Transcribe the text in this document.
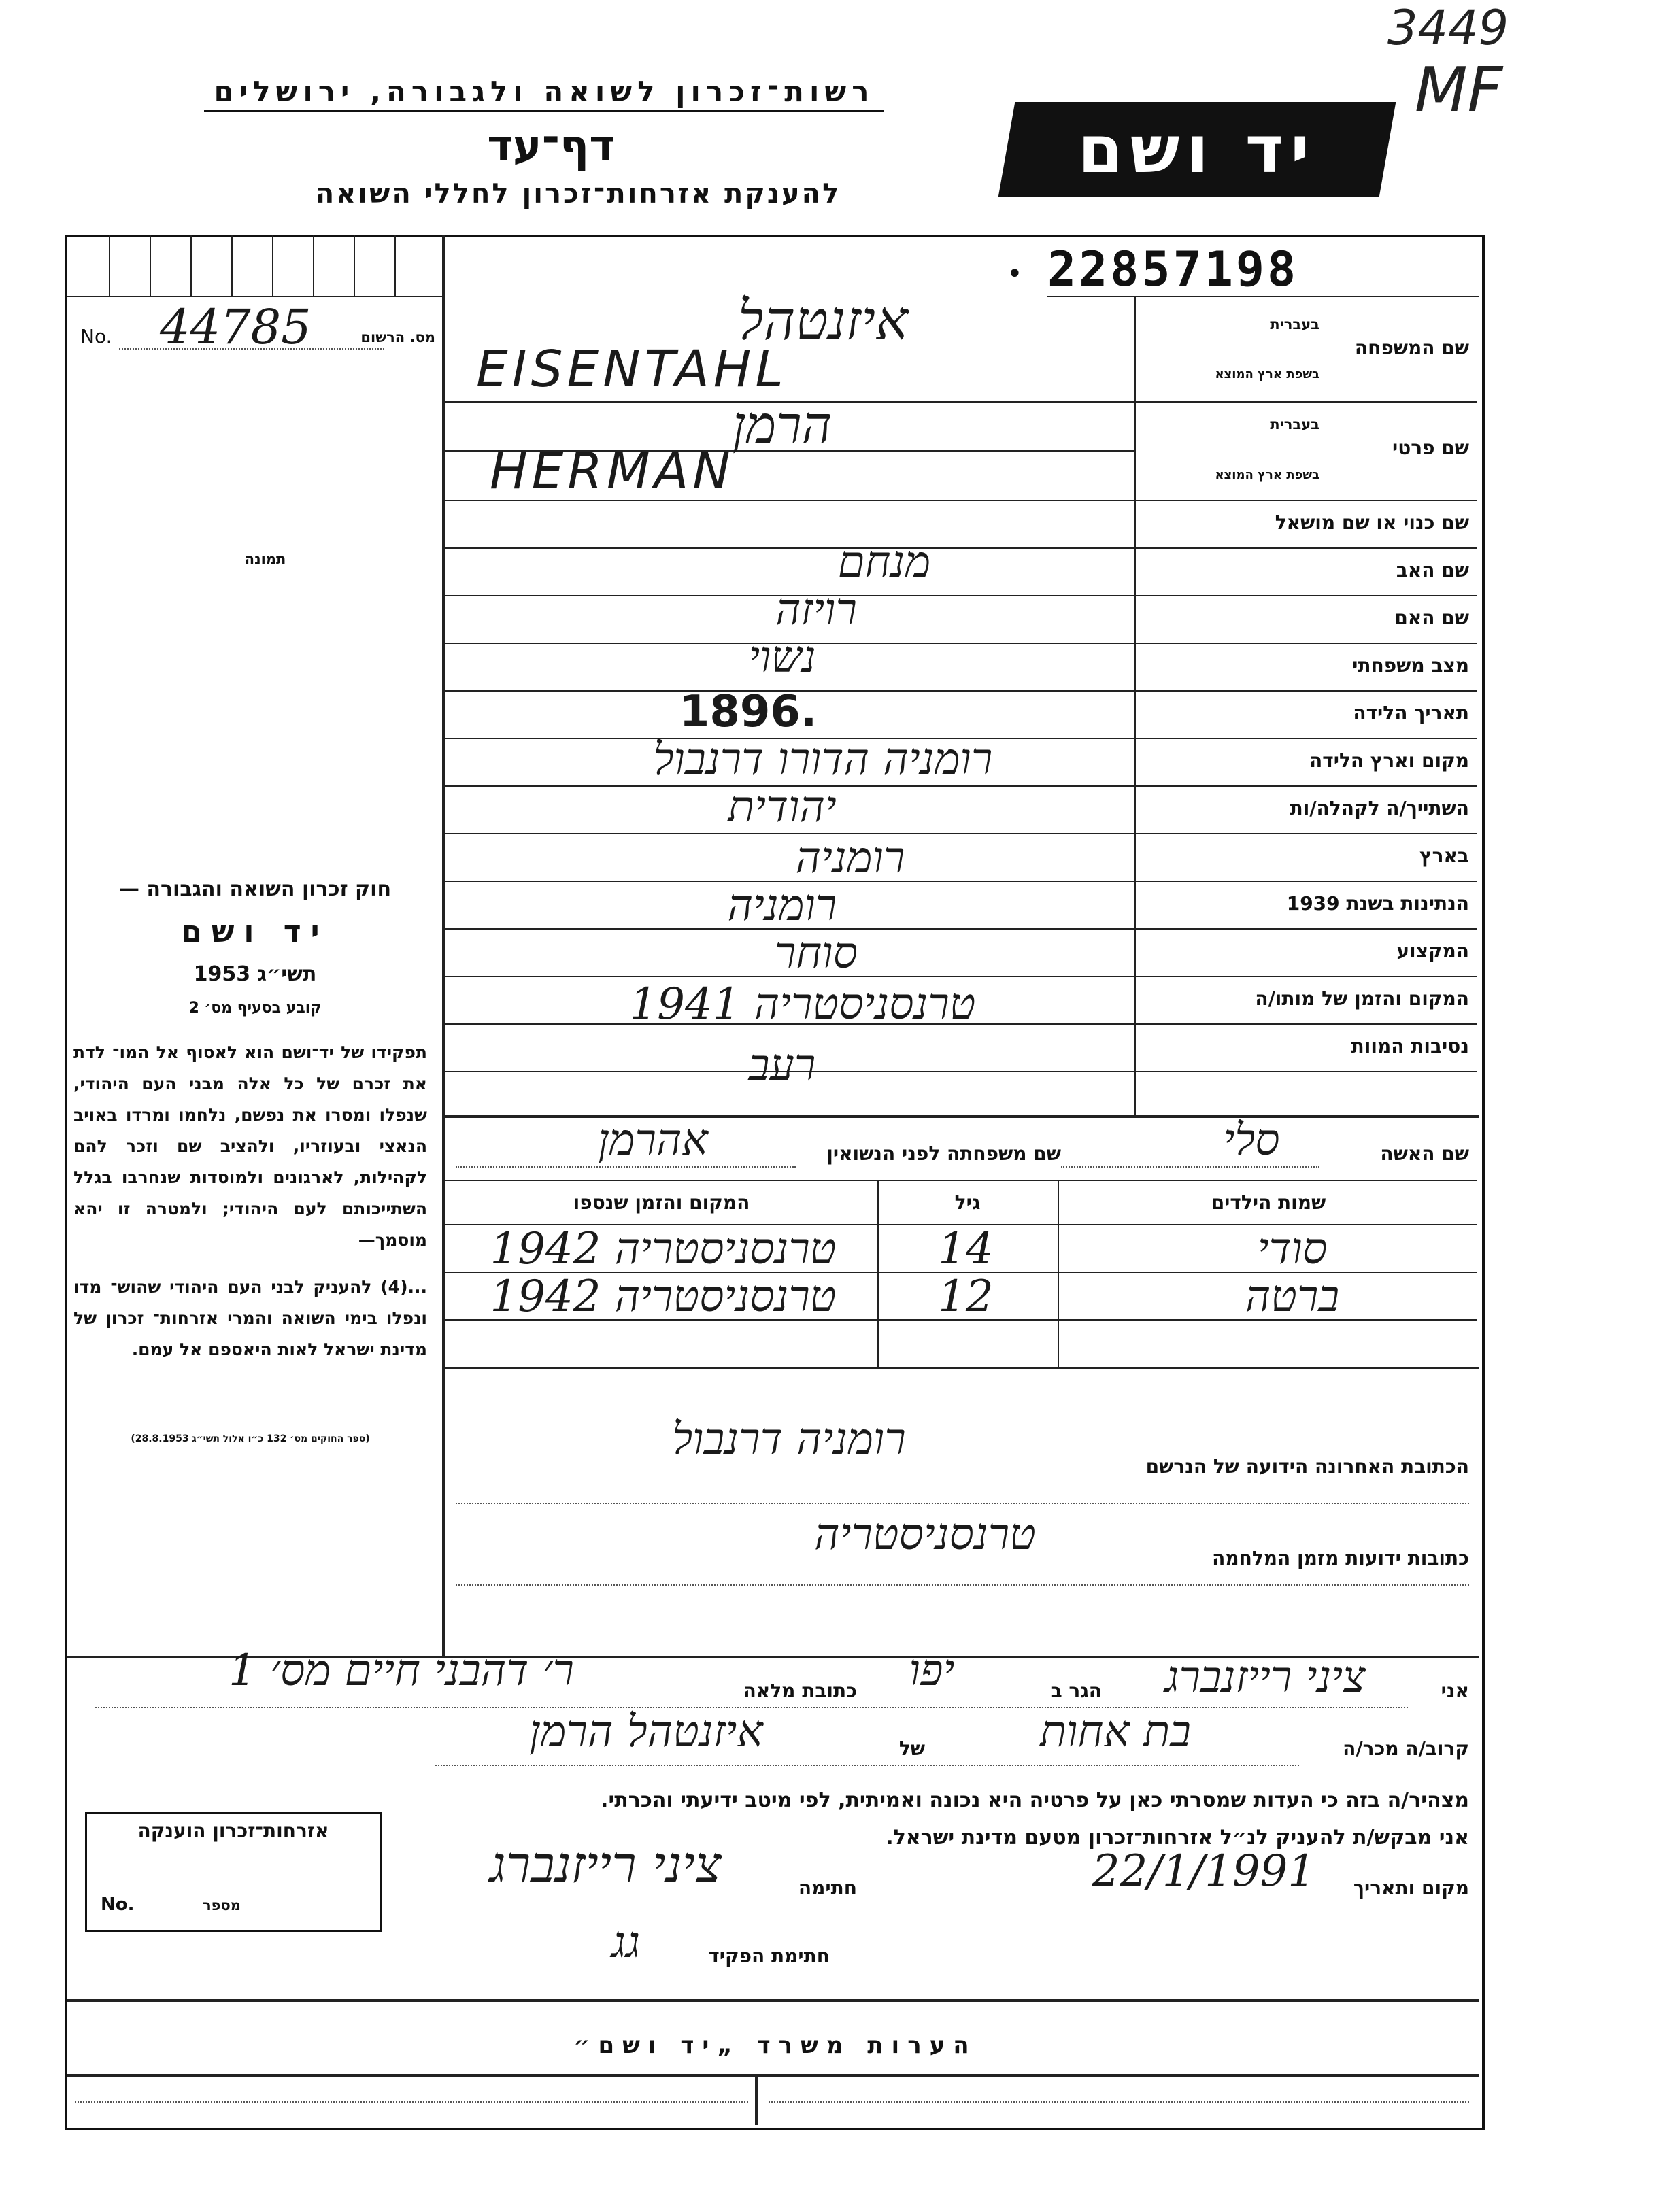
3449
MF
רשות־זכרון לשואה ולגבורה, ירושלים
דף־עד
להענקת אזרחות־זכרון לחללי השואה
יד ושם
22857198
•
No. 44785	מס. הרשום
תמונה
חוק זכרון השואה והגבורה —
יד ושם
תשי״ג 1953
קובע בסעיף מס׳ 2
תפקידו של יד־ושם הוא לאסוף אל המו־ לדת את זכרם של כל אלה מבני העם היהודי, שנפלו ומסרו את נפשם, נלחמו ומרדו באויב הנאצי ובעוזריו, ולהציב שם וזכר להם לקהילות, לארגונים ולמוסדות שנחרבו בגלל השתייכותם לעם היהודי; ולמטרה זו יהא מוסמך—
...(4) להעניק לבני העם היהודי שהוש־ מדו ונפלו בימי השואה והמרי אזרחות־ זכרון של מדינת ישראל לאות היאספם אל עמם.
(ספר החוקים מס׳ 132 כ״ו אלול תשי״ג 28.8.1953)
בעברית
שם המשפחה
בשפת ארץ המוצא
בעברית
שם פרטי
בשפת ארץ המוצא
שם כנוי או שם מושאל
שם האב
שם האם
מצב משפחתי
תאריך הלידה
מקום וארץ הלידה
השתייך/ה לקהלה/ות
בארץ
הנתינות בשנת 1939
המקצוע
המקום והזמן של מותו/ה
נסיבות המוות
איזנטהל
EISENTAHL
הרמן
HERMAN
מנחם
רויזה
נשוי
1896.
רומניה הדורו דרנבול
יהודית
רומניה
רומניה
סוחר
טרנסניסטריה 1941
רעב
שם האשה
סלי
שם משפחתה לפני הנשואין
אהרמן
שמות הילדים
גיל
המקום והזמן שנספו
סודי
14
טרנסניסטריה 1942
ברטה
12
טרנסניסטריה 1942
הכתובת האחרונה הידועה של הנרשם
רומניה דרנבול
כתובות ידועות מזמן המלחמה
טרנסניסטריה
אני
ציני רייזנברג
הגר ב
יפו
כתובת מלאה
ר׳ דהבני חיים מס׳ 1
קרוב/ה מכר/ה
בת אחות
של
איזנטהל הרמן
מצהיר/ה בזה כי העדות שמסרתי כאן על פרטיה היא נכונה ואמיתית, לפי מיטב ידיעתי והכרתי.
אני מבקש/ת להעניק לנ״ל אזרחות־זכרון מטעם מדינת ישראל.
מקום ותאריך
22/1/1991
חתימה
ציני רייזנברג
חתימת הפקיד
גג
אזרחות־זכרון הוענקה
מספר
No.
הערות משרד „יד ושם״
